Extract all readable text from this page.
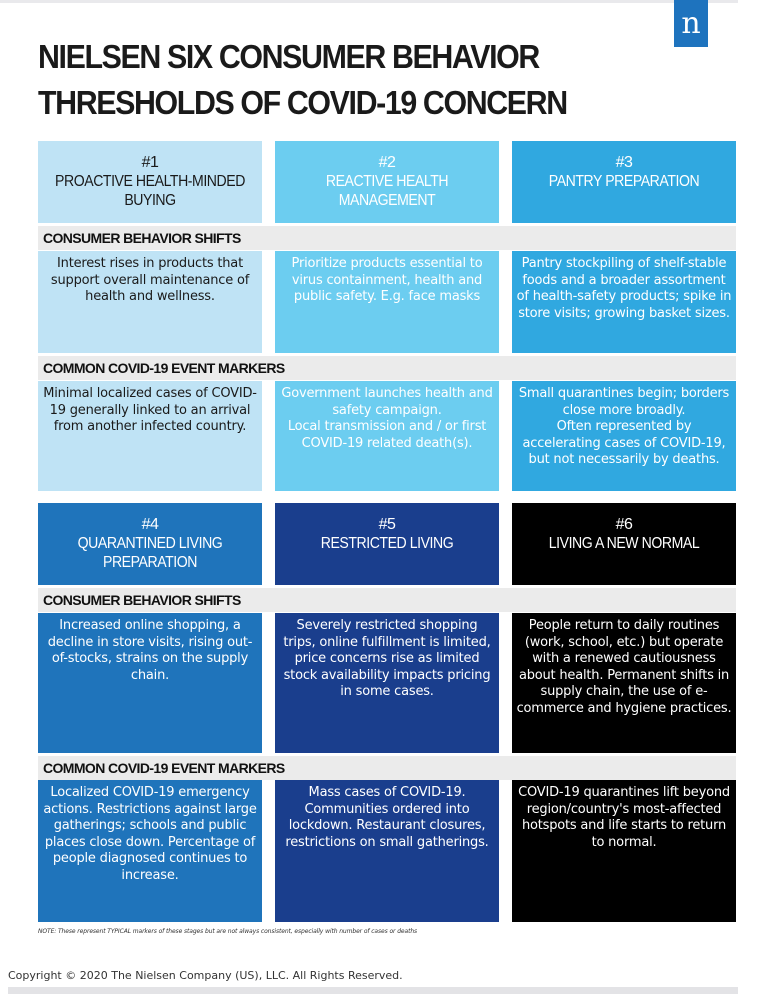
n
NIELSEN SIX CONSUMER BEHAVIOR THRESHOLDS OF COVID-19 CONCERN
#1
PROACTIVE HEALTH-MINDED BUYING
#2
REACTIVE HEALTH MANAGEMENT
#3
PANTRY PREPARATION
CONSUMER BEHAVIOR SHIFTS
Interest rises in products that support overall maintenance of health and wellness.
Prioritize products essential to virus containment, health and public safety. E.g. face masks
Pantry stockpiling of shelf-stable foods and a broader assortment of health-safety products; spike in store visits; growing basket sizes.
COMMON COVID-19 EVENT MARKERS
Minimal localized cases of COVID-19 generally linked to an arrival from another infected country.
Government launches health and safety campaign.
Local transmission and / or first COVID-19 related death(s).
Small quarantines begin; borders close more broadly.
Often represented by accelerating cases of COVID-19, but not necessarily by deaths.
#4
QUARANTINED LIVING PREPARATION
#5
RESTRICTED LIVING
#6
LIVING A NEW NORMAL
CONSUMER BEHAVIOR SHIFTS
Increased online shopping, a decline in store visits, rising out-of-stocks, strains on the supply chain.
Severely restricted shopping trips, online fulfillment is limited, price concerns rise as limited stock availability impacts pricing in some cases.
People return to daily routines (work, school, etc.) but operate with a renewed cautiousness about health. Permanent shifts in supply chain, the use of e-commerce and hygiene practices.
COMMON COVID-19 EVENT MARKERS
Localized COVID-19 emergency actions. Restrictions against large gatherings; schools and public places close down. Percentage of people diagnosed continues to increase.
Mass cases of COVID-19. Communities ordered into lockdown. Restaurant closures, restrictions on small gatherings.
COVID-19 quarantines lift beyond region/country's most-affected hotspots and life starts to return to normal.
NOTE: These represent TYPICAL markers of these stages but are not always consistent, especially with number of cases or deaths
Copyright © 2020 The Nielsen Company (US), LLC. All Rights Reserved.
